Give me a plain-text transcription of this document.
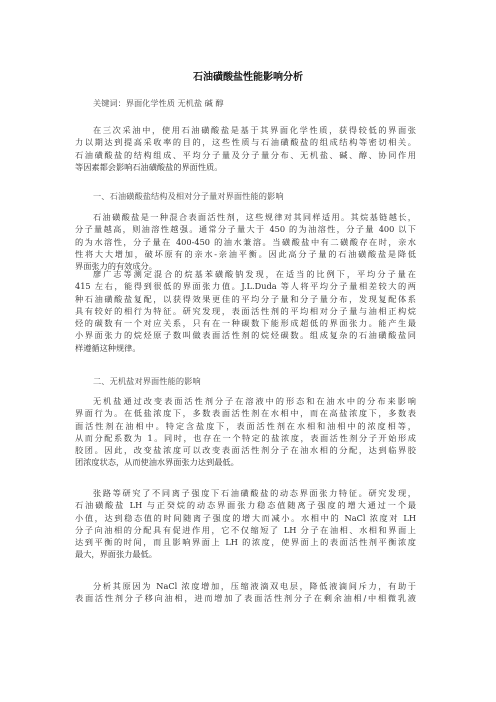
石油磺酸盐性能影响分析
关键词：界面化学性质 无机盐 碱 醇
在三次采油中，使用石油磺酸盐是基于其界面化学性质，获得较低的界面张
力以期达到提高采收率的目的，这些性质与石油磺酸盐的组成结构等密切相关。
石油磺酸盐的结构组成、平均分子量及分子量分布、无机盐、碱、醇、协同作用
等因素都会影响石油磺酸盐的界面性质。
一、石油磺酸盐结构及相对分子量对界面性能的影响
石油磺酸盐是一种混合表面活性剂，这些规律对其同样适用。其烷基链越长，
分子量越高，则油溶性越强。通常分子量大于 450 的为油溶性，分子量 400 以下
的为水溶性，分子量在 400-450 的油水兼溶。当磺酸盐中有二磺酸存在时，亲水
性将大大增加，破坏原有的亲水-亲油平衡。因此高分子量的石油磺酸盐是降低
界面张力的有效成分。
廖广志等测定混合的烷基苯磺酸钠发现，在适当的比例下，平均分子量在
415 左右，能得到很低的界面张力值。J.L.Duda 等人将平均分子量相差较大的两
种石油磺酸盐复配，以获得效果更佳的平均分子量和分子量分布，发现复配体系
具有较好的相行为特征。研究发现，表面活性剂的平均相对分子量与油相正构烷
烃的碳数有一个对应关系，只有在一种碳数下能形成超低的界面张力。能产生最
小界面张力的烷烃原子数叫做表面活性剂的烷烃碳数。组成复杂的石油磺酸盐同
样遵循这种规律。
二、无机盐对界面性能的影响
无机盐通过改变表面活性剂分子在溶液中的形态和在油水中的分布来影响
界面行为。在低盐浓度下，多数表面活性剂在水相中，而在高盐浓度下，多数表
面活性剂在油相中。特定含盐度下，表面活性剂在水相和油相中的浓度相等，
从而分配系数为 1。同时，也存在一个特定的盐浓度，表面活性剂分子开始形成
胶团。因此，改变盐浓度可以改变表面活性剂分子在油水相的分配，达到临界胶
团浓度状态，从而使油水界面张力达到最低。
张路等研究了不同离子强度下石油磺酸盐的动态界面张力特征。研究发现，
石油磺酸盐 LH 与正癸烷的动态界面张力稳态值随离子强度的增大通过一个最
小值，达到稳态值的时间随离子强度的增大而减小。水相中的 NaCl 浓度对 LH
分子向油相的分配具有促进作用，它不仅缩短了 LH 分子在油相、水相和界面上
达到平衡的时间，而且影响界面上 LH 的浓度，使界面上的表面活性剂平衡浓度
最大，界面张力最低。
分析其原因为 NaCl 浓度增加，压缩液滴双电层，降低液滴间斥力，有助于
表面活性剂分子移向油相，进而增加了表面活性剂分子在剩余油相/中相微乳液
